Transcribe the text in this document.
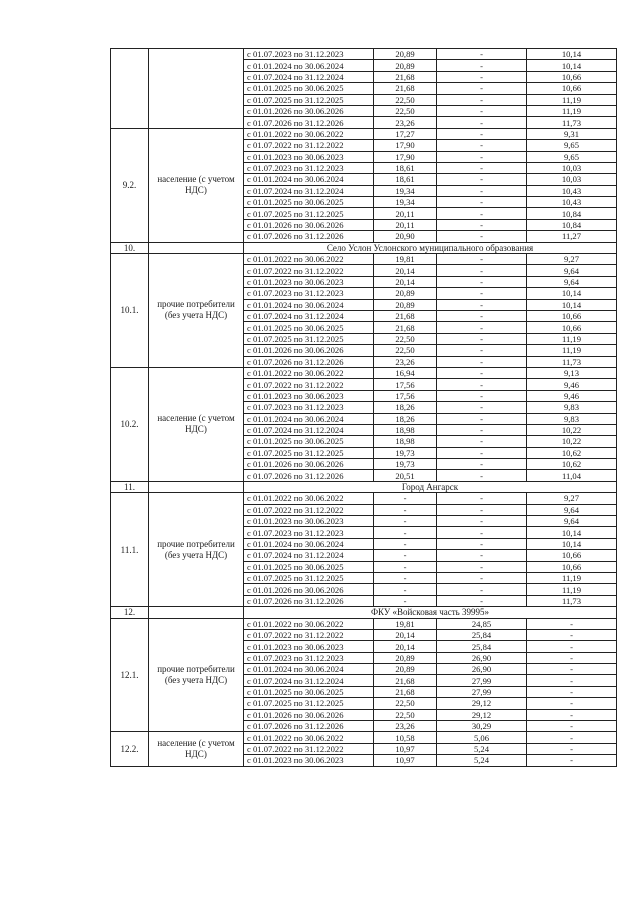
		с 01.07.2023 по 31.12.2023	20,89	-	10,14
		с 01.01.2024 по 30.06.2024	20,89	-	10,14
		с 01.07.2024 по 31.12.2024	21,68	-	10,66
		с 01.01.2025 по 30.06.2025	21,68	-	10,66
		с 01.07.2025 по 31.12.2025	22,50	-	11,19
		с 01.01.2026 по 30.06.2026	22,50	-	11,19
		с 01.07.2026 по 31.12.2026	23,26	-	11,73
9.2.	население (с учетом НДС)	с 01.01.2022 по 30.06.2022	17,27	-	9,31
		с 01.07.2022 по 31.12.2022	17,90	-	9,65
		с 01.01.2023 по 30.06.2023	17,90	-	9,65
		с 01.07.2023 по 31.12.2023	18,61	-	10,03
		с 01.01.2024 по 30.06.2024	18,61	-	10,03
		с 01.07.2024 по 31.12.2024	19,34	-	10,43
		с 01.01.2025 по 30.06.2025	19,34	-	10,43
		с 01.07.2025 по 31.12.2025	20,11	-	10,84
		с 01.01.2026 по 30.06.2026	20,11	-	10,84
		с 01.07.2026 по 31.12.2026	20,90	-	11,27
10.		Село Услон Услонского муниципального образования			
10.1.	прочие потребители (без учета НДС)	с 01.01.2022 по 30.06.2022	19,81	-	9,27
		с 01.07.2022 по 31.12.2022	20,14	-	9,64
		с 01.01.2023 по 30.06.2023	20,14	-	9,64
		с 01.07.2023 по 31.12.2023	20,89	-	10,14
		с 01.01.2024 по 30.06.2024	20,89	-	10,14
		с 01.07.2024 по 31.12.2024	21,68	-	10,66
		с 01.01.2025 по 30.06.2025	21,68	-	10,66
		с 01.07.2025 по 31.12.2025	22,50	-	11,19
		с 01.01.2026 по 30.06.2026	22,50	-	11,19
		с 01.07.2026 по 31.12.2026	23,26	-	11,73
10.2.	население (с учетом НДС)	с 01.01.2022 по 30.06.2022	16,94	-	9,13
		с 01.07.2022 по 31.12.2022	17,56	-	9,46
		с 01.01.2023 по 30.06.2023	17,56	-	9,46
		с 01.07.2023 по 31.12.2023	18,26	-	9,83
		с 01.01.2024 по 30.06.2024	18,26	-	9,83
		с 01.07.2024 по 31.12.2024	18,98	-	10,22
		с 01.01.2025 по 30.06.2025	18,98	-	10,22
		с 01.07.2025 по 31.12.2025	19,73	-	10,62
		с 01.01.2026 по 30.06.2026	19,73	-	10,62
		с 01.07.2026 по 31.12.2026	20,51	-	11,04
11.		Город Ангарск			
11.1.	прочие потребители (без учета НДС)	с 01.01.2022 по 30.06.2022	-	-	9,27
		с 01.07.2022 по 31.12.2022	-	-	9,64
		с 01.01.2023 по 30.06.2023	-	-	9,64
		с 01.07.2023 по 31.12.2023	-	-	10,14
		с 01.01.2024 по 30.06.2024	-	-	10,14
		с 01.07.2024 по 31.12.2024	-	-	10,66
		с 01.01.2025 по 30.06.2025	-	-	10,66
		с 01.07.2025 по 31.12.2025	-	-	11,19
		с 01.01.2026 по 30.06.2026	-	-	11,19
		с 01.07.2026 по 31.12.2026	-	-	11,73
12.		ФКУ «Войсковая часть 39995»			
12.1.	прочие потребители (без учета НДС)	с 01.01.2022 по 30.06.2022	19,81	24,85	-
		с 01.07.2022 по 31.12.2022	20,14	25,84	-
		с 01.01.2023 по 30.06.2023	20,14	25,84	-
		с 01.07.2023 по 31.12.2023	20,89	26,90	-
		с 01.01.2024 по 30.06.2024	20,89	26,90	-
		с 01.07.2024 по 31.12.2024	21,68	27,99	-
		с 01.01.2025 по 30.06.2025	21,68	27,99	-
		с 01.07.2025 по 31.12.2025	22,50	29,12	-
		с 01.01.2026 по 30.06.2026	22,50	29,12	-
		с 01.07.2026 по 31.12.2026	23,26	30,29	-
12.2.	население (с учетом НДС)	с 01.01.2022 по 30.06.2022	10,58	5,06	-
		с 01.07.2022 по 31.12.2022	10,97	5,24	-
		с 01.01.2023 по 30.06.2023	10,97	5,24	-
